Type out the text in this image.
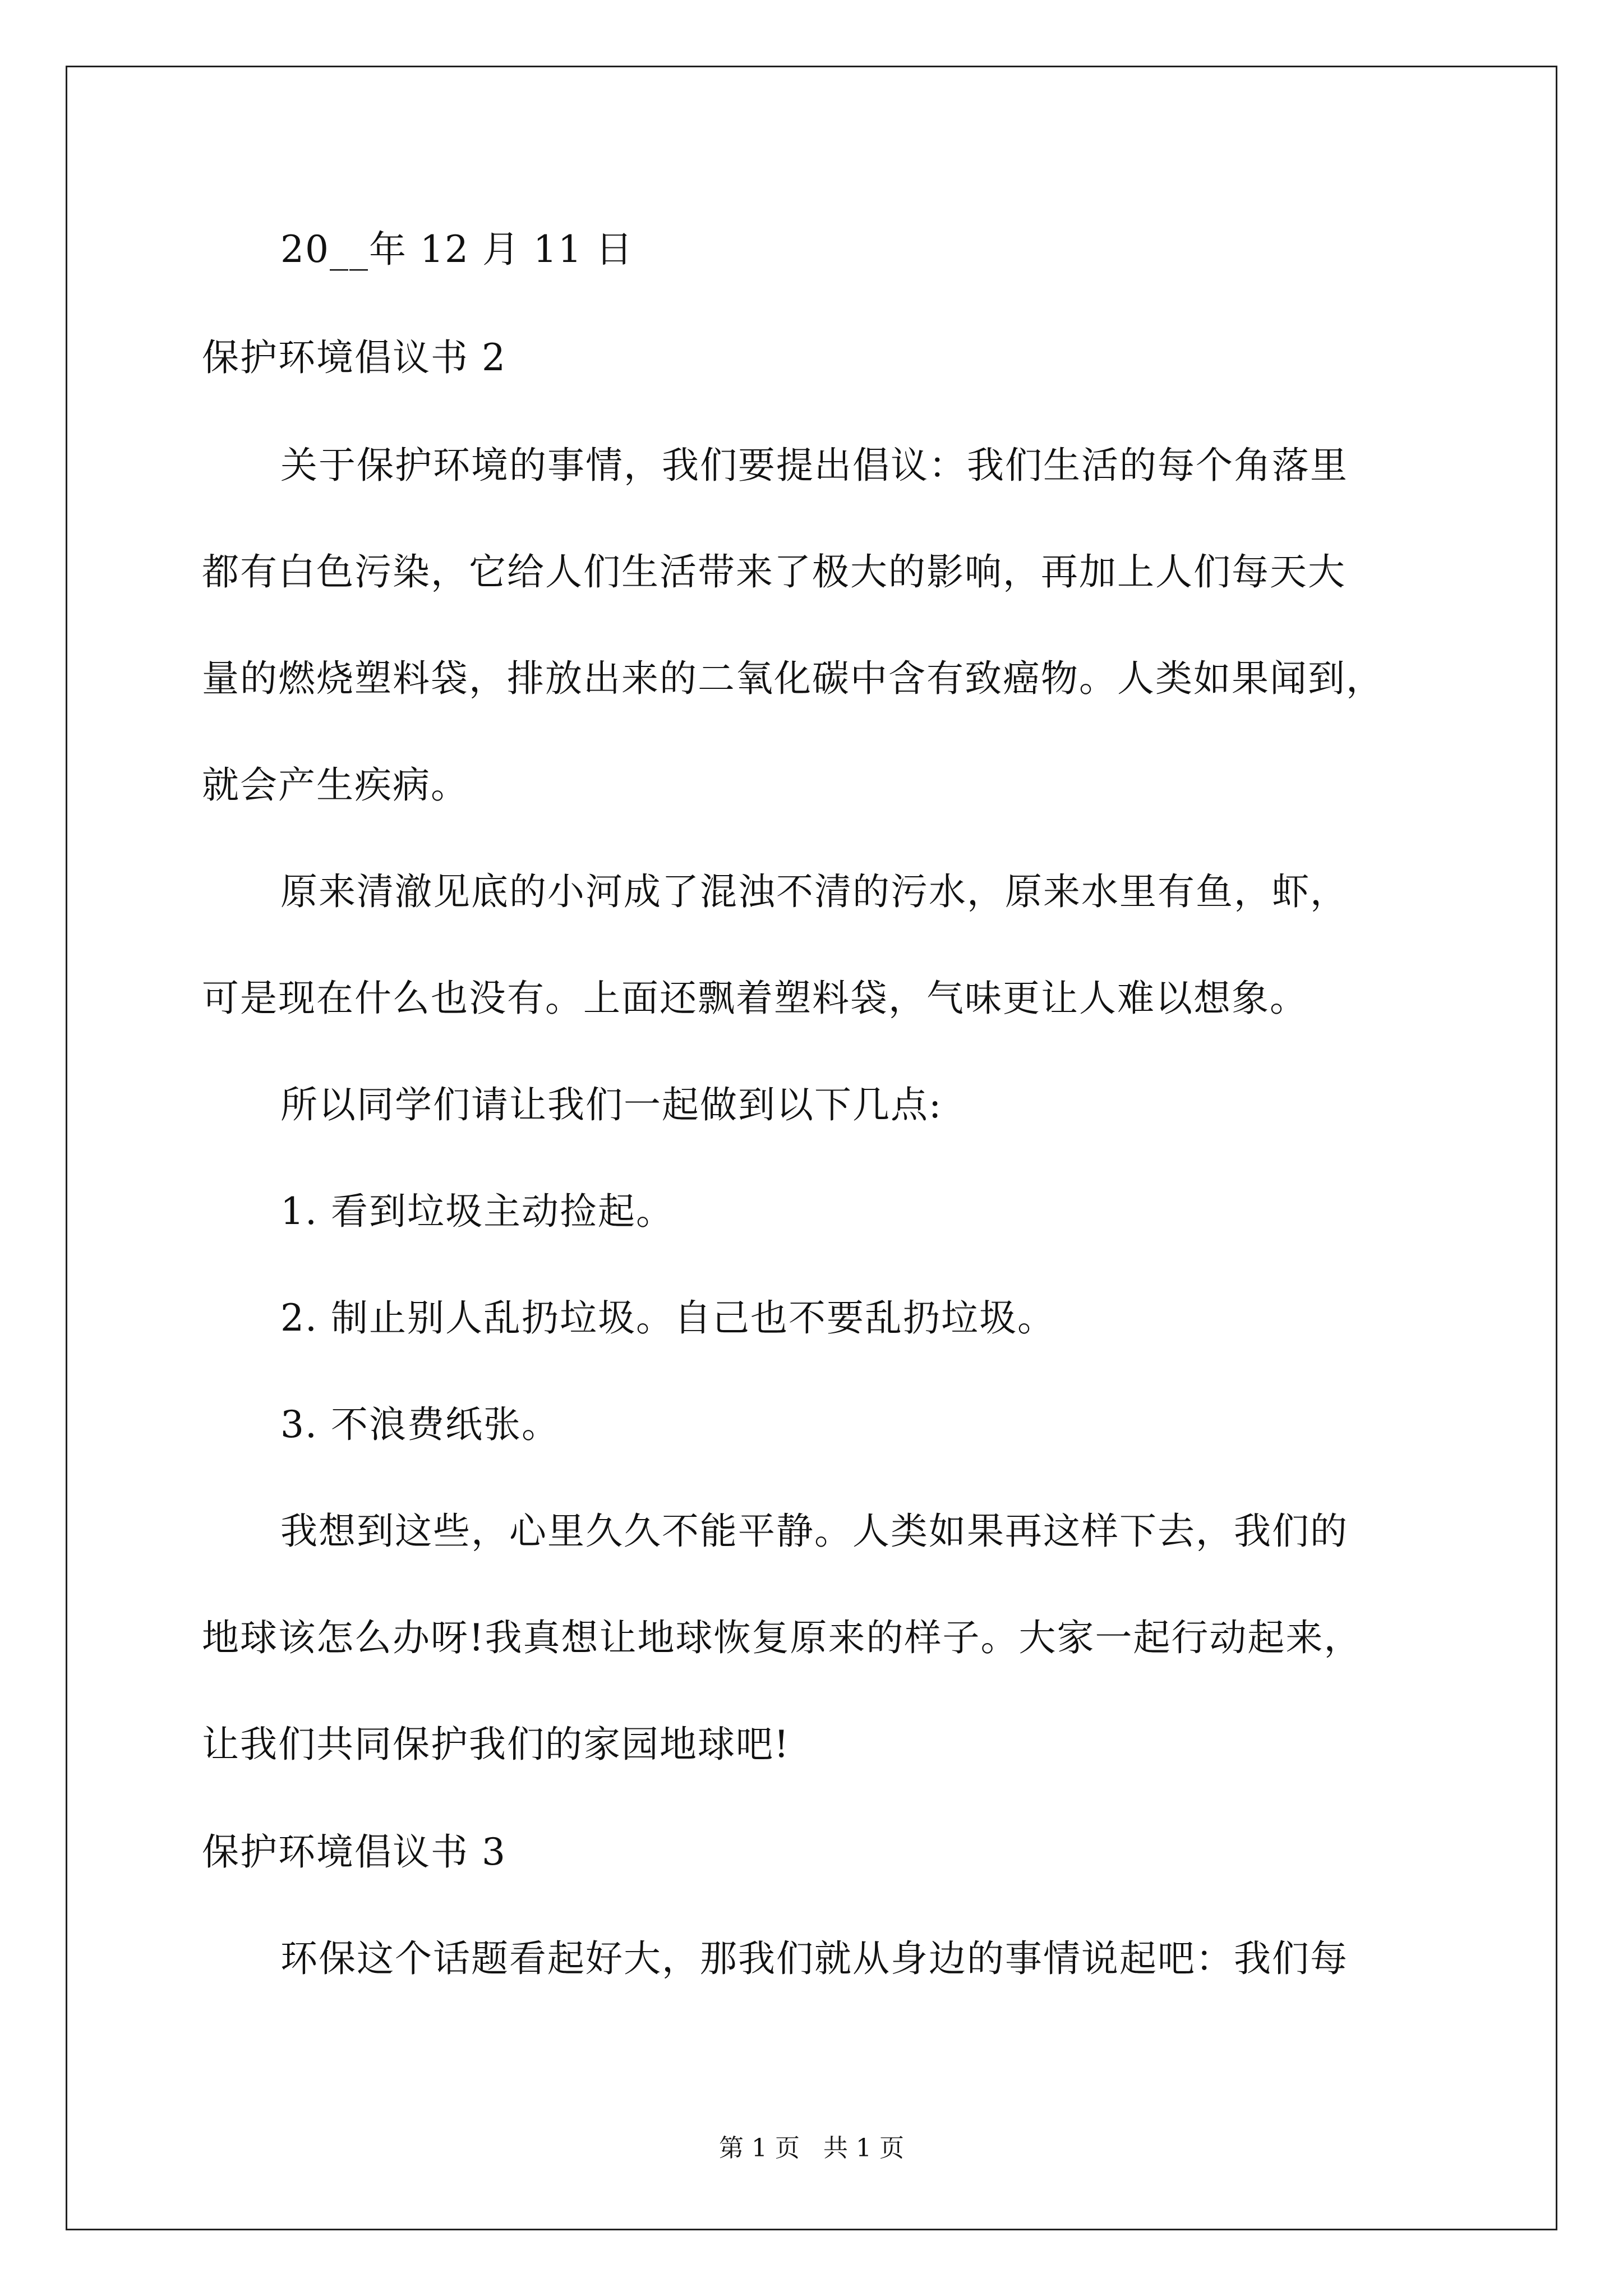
20__年 12 月 11 日
保护环境倡议书 2
关于保护环境的事情，我们要提出倡议：我们生活的每个角落里
都有白色污染，它给人们生活带来了极大的影响，再加上人们每天大
量的燃烧塑料袋，排放出来的二氧化碳中含有致癌物。人类如果闻到，
就会产生疾病。
原来清澈见底的小河成了混浊不清的污水，原来水里有鱼，虾，
可是现在什么也没有。上面还飘着塑料袋，气味更让人难以想象。
所以同学们请让我们一起做到以下几点:
1. 看到垃圾主动捡起。
2. 制止别人乱扔垃圾。自己也不要乱扔垃圾。
3. 不浪费纸张。
我想到这些，心里久久不能平静。人类如果再这样下去，我们的
地球该怎么办呀!我真想让地球恢复原来的样子。大家一起行动起来，
让我们共同保护我们的家园地球吧!
保护环境倡议书 3
环保这个话题看起好大，那我们就从身边的事情说起吧：我们每
第 1 页   共 1 页
